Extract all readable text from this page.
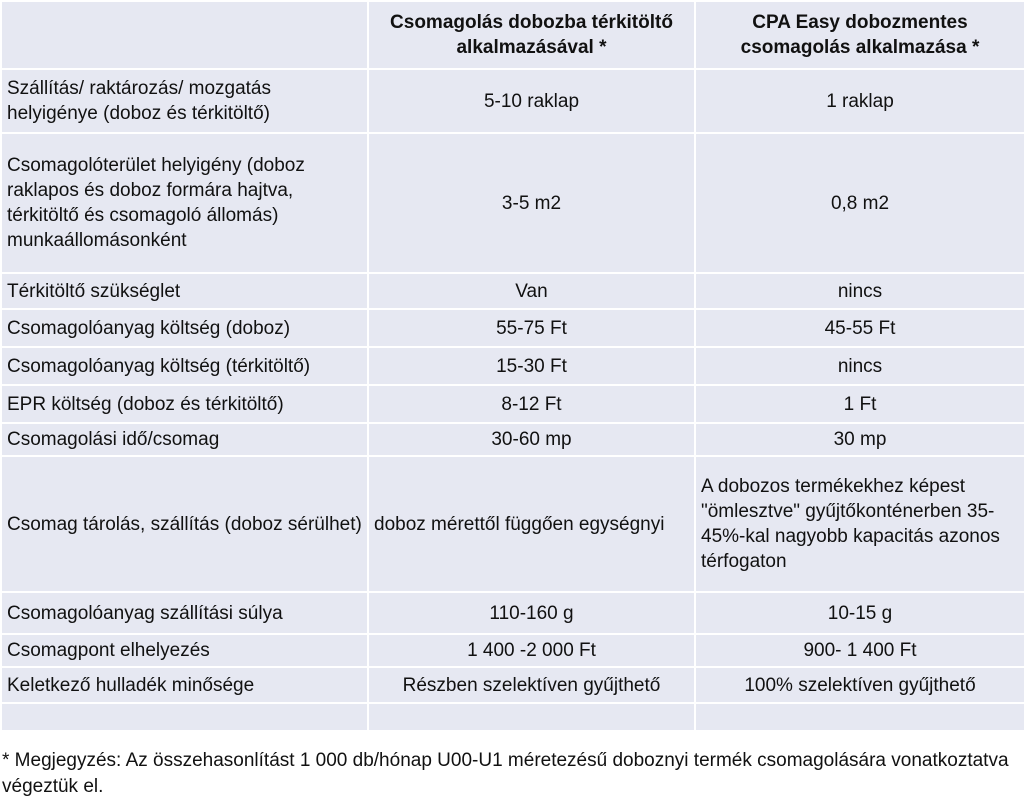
	Csomagolás dobozba térkitöltő alkalmazásával *	CPA Easy dobozmentes csomagolás alkalmazása *
Szállítás/ raktározás/ mozgatás helyigénye (doboz és térkitöltő)	5-10 raklap	1 raklap
Csomagolóterület helyigény (doboz raklapos és doboz formára hajtva, térkitöltő és csomagoló állomás) munkaállomásonként	3-5 m2	0,8 m2
Térkitöltő szükséglet	Van	nincs
Csomagolóanyag költség (doboz)	55-75 Ft	45-55 Ft
Csomagolóanyag költség (térkitöltő)	15-30 Ft	nincs
EPR költség (doboz és térkitöltő)	8-12 Ft	1 Ft
Csomagolási idő/csomag	30-60 mp	30 mp
Csomag tárolás, szállítás (doboz sérülhet)	doboz mérettől függően egységnyi	A dobozos termékekhez képest "ömlesztve" gyűjtőkonténerben 35-45%-kal nagyobb kapacitás azonos térfogaton
Csomagolóanyag szállítási súlya	110-160 g	10-15 g
Csomagpont elhelyezés	1 400 -2 000 Ft	900- 1 400 Ft
Keletkező hulladék minősége	Részben szelektíven gyűjthető	100% szelektíven gyűjthető

* Megjegyzés: Az összehasonlítást 1 000 db/hónap U00-U1 méretezésű doboznyi termék csomagolására vonatkoztatva végeztük el.
